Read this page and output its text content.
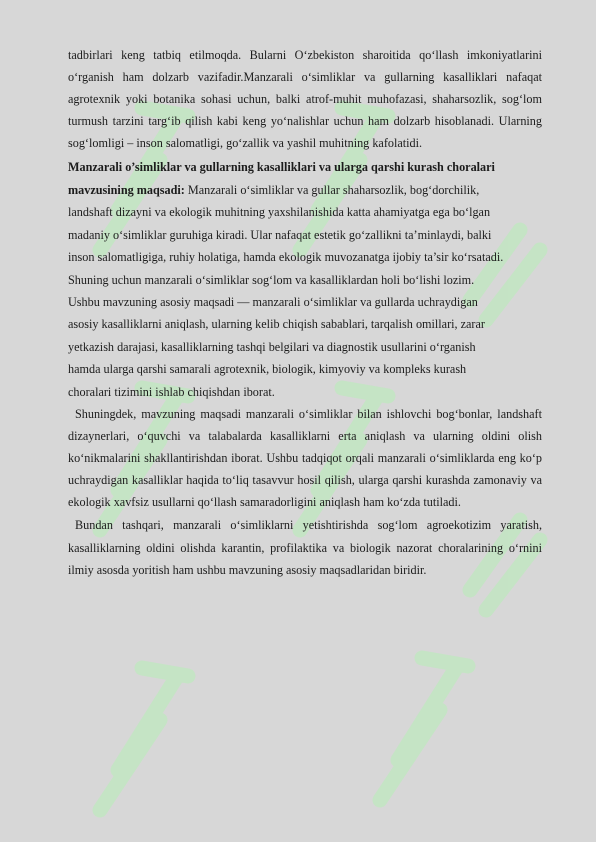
tadbirlari keng tatbiq etilmoqda. Bularni O‘zbekiston sharoitida qo‘llash imkoniyatlarini o‘rganish ham dolzarb vazifadir.Manzarali o‘simliklar va gullarning kasalliklari nafaqat agrotexnik yoki botanika sohasi uchun, balki atrof-muhit muhofazasi, shaharsozlik, sog‘lom turmush tarzini targ‘ib qilish kabi keng yo‘nalishlar uchun ham dolzarb hisoblanadi. Ularning sog‘lomligi – inson salomatligi, go‘zallik va yashil muhitning kafolatidi.

Manzarali o’simliklar va gullarning kasalliklari va ularga qarshi kurash choralari mavzusining maqsadi: Manzarali o‘simliklar va gullar shaharsozlik, bog‘dorchilik, landshaft dizayni va ekologik muhitning yaxshilanishida katta ahamiyatga ega bo‘lgan madaniy o‘simliklar guruhiga kiradi. Ular nafaqat estetik go‘zallikni ta’minlaydi, balki inson salomatligiga, ruhiy holatiga, hamda ekologik muvozanatga ijobiy ta’sir ko‘rsatadi. Shuning uchun manzarali o‘simliklar sog‘lom va kasalliklardan holi bo‘lishi lozim. Ushbu mavzuning asosiy maqsadi — manzarali o‘simliklar va gullarda uchraydigan asosiy kasalliklarni aniqlash, ularning kelib chiqish sabablari, tarqalish omillari, zarar yetkazish darajasi, kasalliklarning tashqi belgilari va diagnostik usullarini o‘rganish hamda ularga qarshi samarali agrotexnik, biologik, kimyoviy va kompleks kurash choralari tizimini ishlab chiqishdan iborat.

Shuningdek, mavzuning maqsadi manzarali o‘simliklar bilan ishlovchi bog‘bonlar, landshaft dizaynerlari, o‘quvchi va talabalarda kasalliklarni erta aniqlash va ularning oldini olish ko‘nikmalarini shakllantirishdan iborat. Ushbu tadqiqot orqali manzarali o‘simliklarda eng ko‘p uchraydigan kasalliklar haqida to‘liq tasavvur hosil qilish, ularga qarshi kurashda zamonaviy va ekologik xavfsiz usullarni qo‘llash samaradorligini aniqlash ham ko‘zda tutiladi.

Bundan tashqari, manzarali o‘simliklarni yetishtirishda sog‘lom agroekotizim yaratish, kasalliklarning oldini olishda karantin, profilaktika va biologik nazorat choralarining o‘rnini ilmiy asosda yoritish ham ushbu mavzuning asosiy maqsadlaridan biridir.
